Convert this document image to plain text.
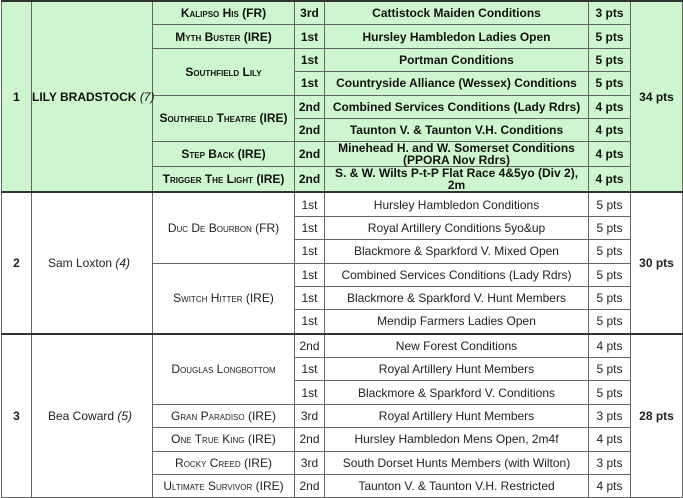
1	LILY BRADSTOCK (7)	Kalipso His (FR)	3rd	Cattistock Maiden Conditions	3 pts	34 pts
		Myth Buster (IRE)	1st	Hursley Hambledon Ladies Open	5 pts	
		Southfield Lily	1st	Portman Conditions	5 pts	
			1st	Countryside Alliance (Wessex) Conditions	5 pts	
		Southfield Theatre (IRE)	2nd	Combined Services Conditions (Lady Rdrs)	4 pts	
			2nd	Taunton V. & Taunton V.H. Conditions	4 pts	
		Step Back (IRE)	2nd	Minehead H. and W. Somerset Conditions (PPORA Nov Rdrs)	4 pts	
		Trigger The Light (IRE)	2nd	S. & W. Wilts P-t-P Flat Race 4&5yo (Div 2), 2m	4 pts	
2	Sam Loxton (4)	Duc De Bourbon (FR)	1st	Hursley Hambledon Conditions	5 pts	30 pts
			1st	Royal Artillery Conditions 5yo&up	5 pts	
			1st	Blackmore & Sparkford V. Mixed Open	5 pts	
		Switch Hitter (IRE)	1st	Combined Services Conditions (Lady Rdrs)	5 pts	
			1st	Blackmore & Sparkford V. Hunt Members	5 pts	
			1st	Mendip Farmers Ladies Open	5 pts	
3	Bea Coward (5)	Douglas Longbottom	2nd	New Forest Conditions	4 pts	28 pts
			1st	Royal Artillery Hunt Members	5 pts	
			1st	Blackmore & Sparkford V. Conditions	5 pts	
		Gran Paradiso (IRE)	3rd	Royal Artillery Hunt Members	3 pts	
		One True King (IRE)	2nd	Hursley Hambledon Mens Open, 2m4f	4 pts	
		Rocky Creed (IRE)	3rd	South Dorset Hunts Members (with Wilton)	3 pts	
		Ultimate Survivor (IRE)	2nd	Taunton V. & Taunton V.H. Restricted	4 pts	
